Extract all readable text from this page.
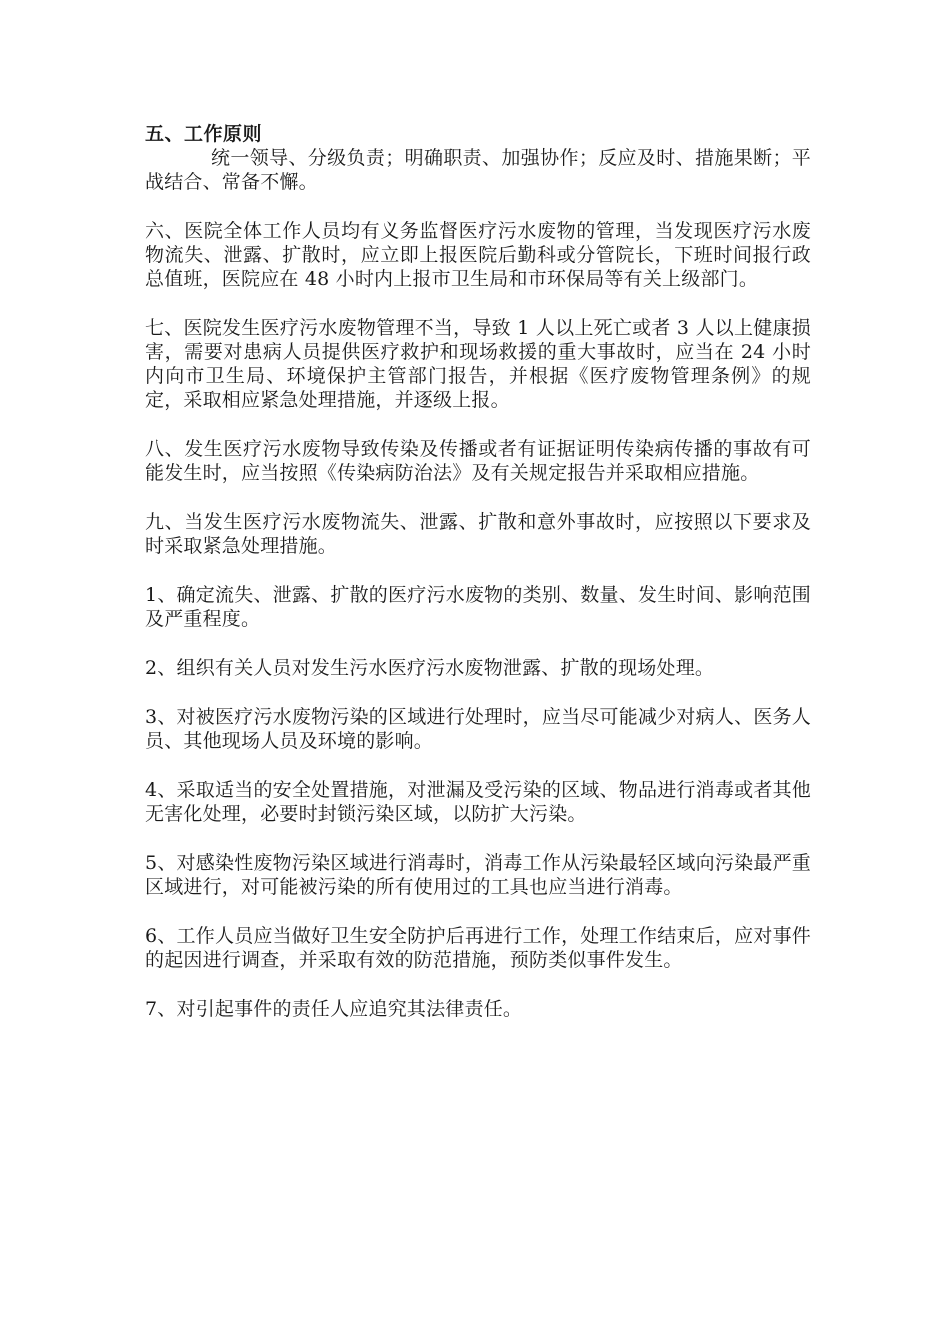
五、工作原则

统一领导、分级负责；明确职责、加强协作；反应及时、措施果断；平战结合、常备不懈。

六、医院全体工作人员均有义务监督医疗污水废物的管理，当发现医疗污水废物流失、泄露、扩散时，应立即上报医院后勤科或分管院长，下班时间报行政总值班，医院应在 48 小时内上报市卫生局和市环保局等有关上级部门。

七、医院发生医疗污水废物管理不当，导致 1 人以上死亡或者 3 人以上健康损害，需要对患病人员提供医疗救护和现场救援的重大事故时，应当在 24 小时内向市卫生局、环境保护主管部门报告，并根据《医疗废物管理条例》的规定，采取相应紧急处理措施，并逐级上报。

八、发生医疗污水废物导致传染及传播或者有证据证明传染病传播的事故有可能发生时，应当按照《传染病防治法》及有关规定报告并采取相应措施。

九、当发生医疗污水废物流失、泄露、扩散和意外事故时，应按照以下要求及时采取紧急处理措施。

1、确定流失、泄露、扩散的医疗污水废物的类别、数量、发生时间、影响范围及严重程度。

2、组织有关人员对发生污水医疗污水废物泄露、扩散的现场处理。

3、对被医疗污水废物污染的区域进行处理时，应当尽可能减少对病人、医务人员、其他现场人员及环境的影响。

4、采取适当的安全处置措施，对泄漏及受污染的区域、物品进行消毒或者其他无害化处理，必要时封锁污染区域，以防扩大污染。

5、对感染性废物污染区域进行消毒时，消毒工作从污染最轻区域向污染最严重区域进行，对可能被污染的所有使用过的工具也应当进行消毒。

6、工作人员应当做好卫生安全防护后再进行工作，处理工作结束后，应对事件的起因进行调查，并采取有效的防范措施，预防类似事件发生。

7、对引起事件的责任人应追究其法律责任。
